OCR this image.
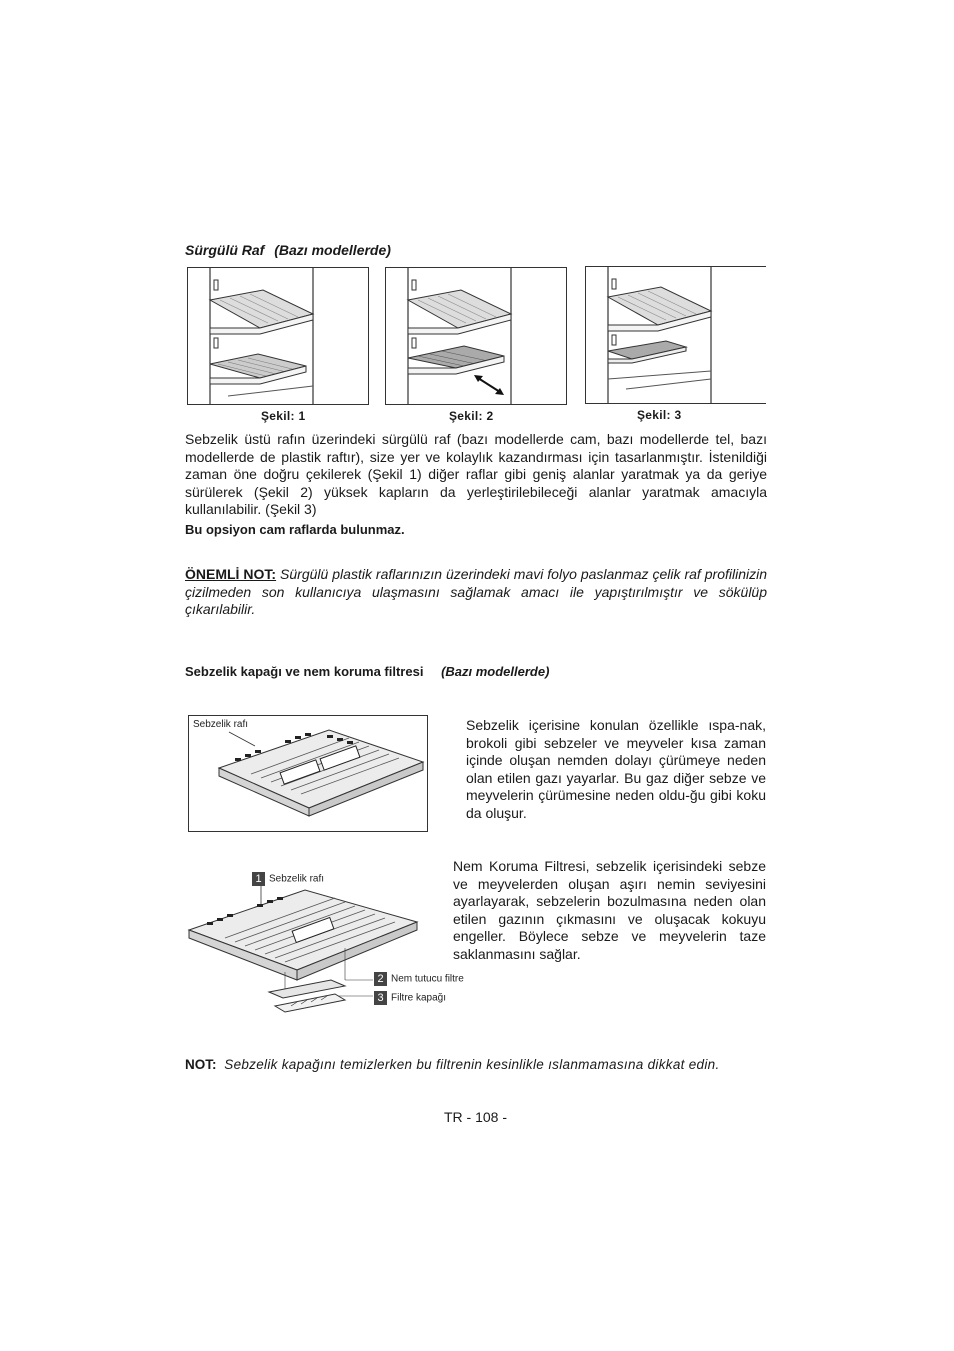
Sürgülü Raf (Bazı modellerde)
Şekil: 1	Şekil: 2	Şekil: 3
Sebzelik üstü rafın üzerindeki sürgülü raf (bazı modellerde cam, bazı modellerde tel, bazı modellerde de plastik raftır), size yer ve kolaylık kazandırması için tasarlanmıştır. İstenildiği zaman öne doğru çekilerek (Şekil 1) diğer raflar gibi geniş alanlar yaratmak ya da geriye sürülerek (Şekil 2) yüksek kapların da yerleştirilebileceği alanlar yaratmak amacıyla kullanılabilir. (Şekil 3)
Bu opsiyon cam raflarda bulunmaz.
ÖNEMLİ NOT: Sürgülü plastik raflarınızın üzerindeki mavi folyo paslanmaz çelik raf profilinizin çizilmeden son kullanıcıya ulaşmasını sağlamak amacı ile yapıştırılmıştır ve sökülüp çıkarılabilir.
Sebzelik kapağı ve nem koruma filtresi (Bazı modellerde)
Sebzelik rafı	Sebzelik içerisine konulan özellikle ıspa-nak, brokoli gibi sebzeler ve meyveler kısa zaman içinde oluşan nemden dolayı çürümeye neden olan etilen gazı yayarlar. Bu gaz diğer sebze ve meyvelerin çürümesine neden oldu-ğu gibi koku da oluşur.
1 Sebzelik rafı
2 Nem tutucu filtre
3 Filtre kapağı
Nem Koruma Filtresi, sebzelik içerisindeki sebze ve meyvelerden oluşan aşırı nemin seviyesini ayarlayarak, sebzelerin bozulmasına neden olan etilen gazının çıkmasını ve oluşacak kokuyu engeller. Böylece sebze ve meyvelerin taze saklanmasını sağlar.
NOT: Sebzelik kapağını temizlerken bu filtrenin kesinlikle ıslanmamasına dikkat edin.
TR - 108 -
